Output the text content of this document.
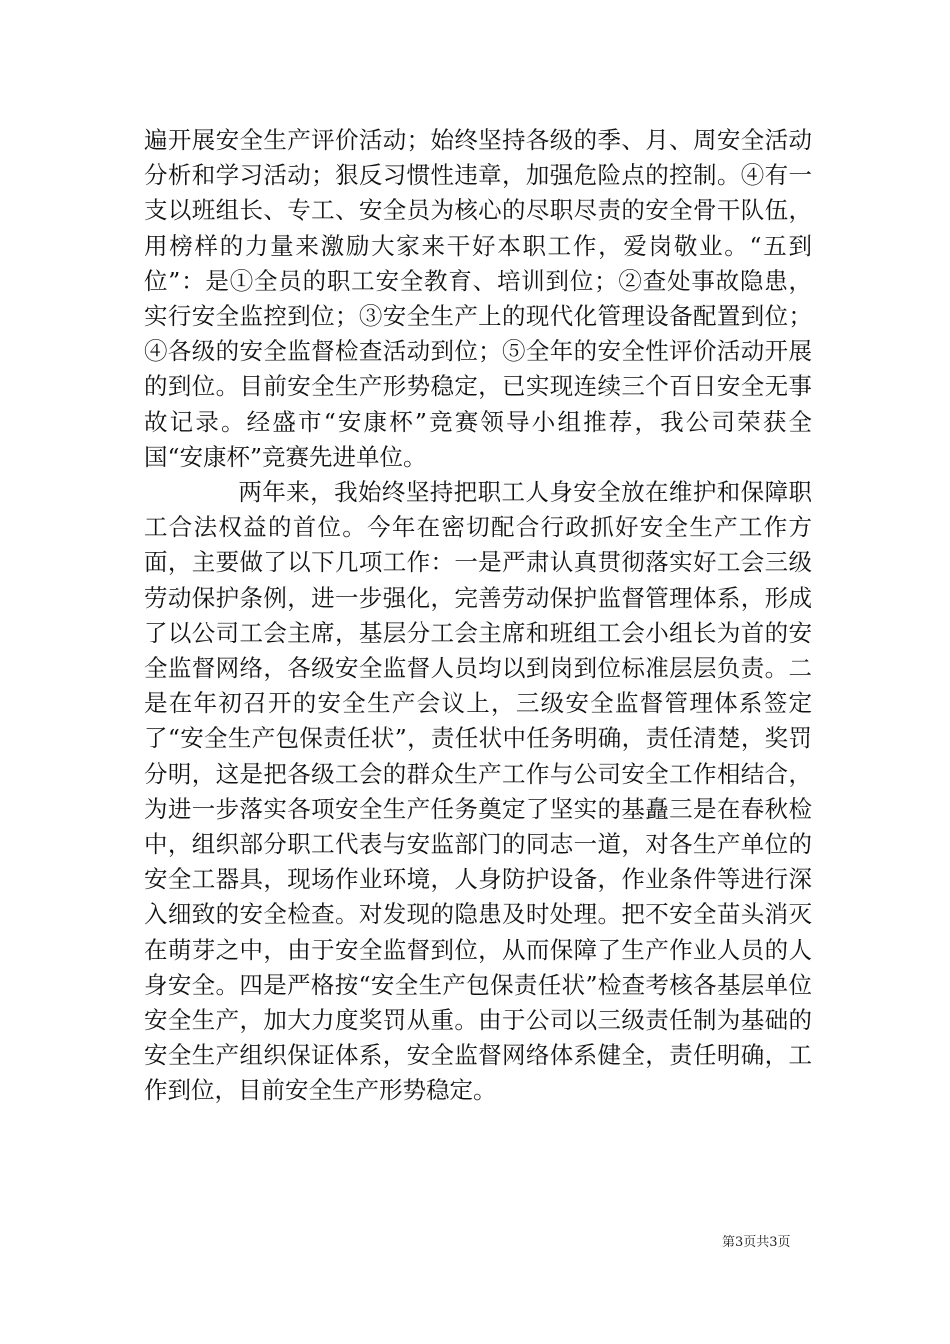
遍开展安全生产评价活动；始终坚持各级的季、月、周安全活动分析和学习活动；狠反习惯性违章，加强危险点的控制。④有一支以班组长、专工、安全员为核心的尽职尽责的安全骨干队伍，用榜样的力量来激励大家来干好本职工作，爱岗敬业。“五到位”：是①全员的职工安全教育、培训到位；②查处事故隐患，实行安全监控到位；③安全生产上的现代化管理设备配置到位；④各级的安全监督检查活动到位；⑤全年的安全性评价活动开展的到位。目前安全生产形势稳定，已实现连续三个百日安全无事故记录。经盛市“安康杯”竞赛领导小组推荐，我公司荣获全国“安康杯”竞赛先进单位。

两年来，我始终坚持把职工人身安全放在维护和保障职工合法权益的首位。今年在密切配合行政抓好安全生产工作方面，主要做了以下几项工作：一是严肃认真贯彻落实好工会三级劳动保护条例，进一步强化，完善劳动保护监督管理体系，形成了以公司工会主席，基层分工会主席和班组工会小组长为首的安全监督网络，各级安全监督人员均以到岗到位标准层层负责。二是在年初召开的安全生产会议上，三级安全监督管理体系签定了“安全生产包保责任状”，责任状中任务明确，责任清楚，奖罚分明，这是把各级工会的群众生产工作与公司安全工作相结合，为进一步落实各项安全生产任务奠定了坚实的基矗三是在春秋检中，组织部分职工代表与安监部门的同志一道，对各生产单位的安全工器具，现场作业环境，人身防护设备，作业条件等进行深入细致的安全检查。对发现的隐患及时处理。把不安全苗头消灭在萌芽之中，由于安全监督到位，从而保障了生产作业人员的人身安全。四是严格按“安全生产包保责任状”检查考核各基层单位安全生产，加大力度奖罚从重。由于公司以三级责任制为基础的安全生产组织保证体系，安全监督网络体系健全，责任明确，工作到位，目前安全生产形势稳定。

第3页共3页
